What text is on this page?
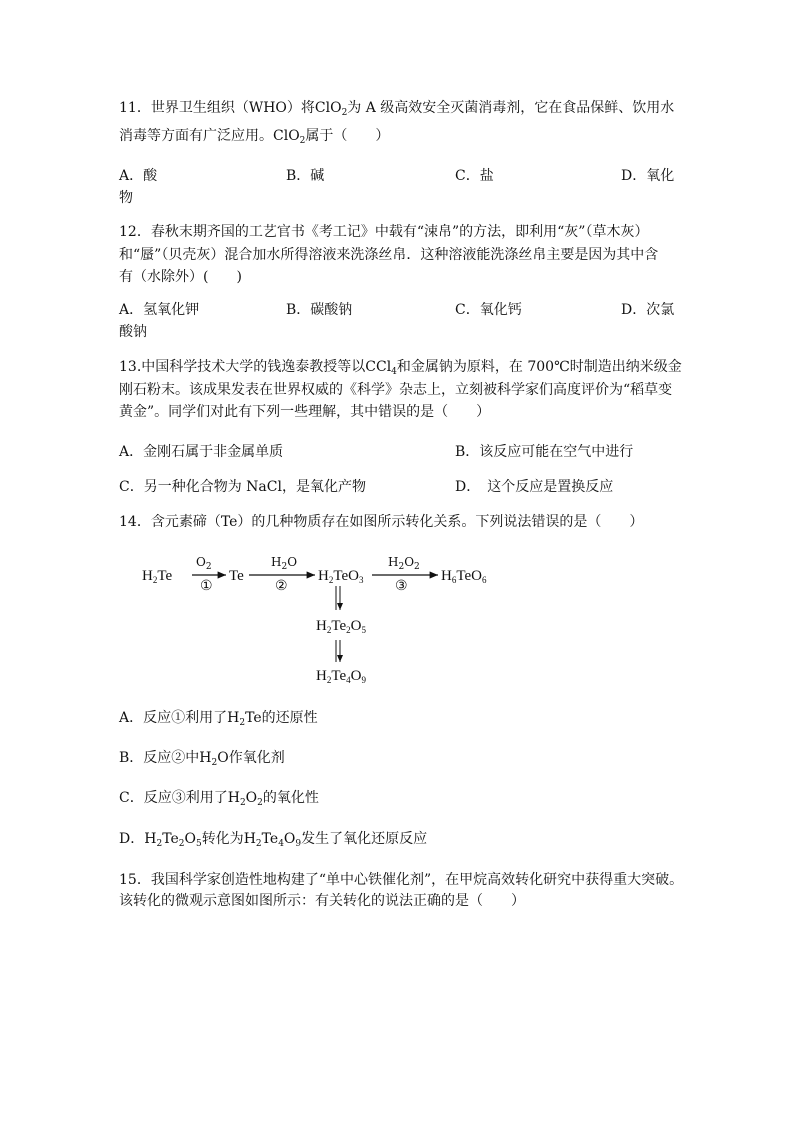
11．世界卫生组织（WHO）将ClO$_2$为 A 级高效安全灭菌消毒剂，它在食品保鲜、饮用水
消毒等方面有广泛应用。ClO$_2$属于（　　）
A．酸	B．碱	C．盐	D．氧化
物
12．春秋末期齐国的工艺官书《考工记》中载有“涑帛”的方法，即利用“灰”（草木灰）
和“蜃”（贝壳灰）混合加水所得溶液来洗涤丝帛．这种溶液能洗涤丝帛主要是因为其中含
有（水除外）(　　)
A．氢氧化钾	B．碳酸钠	C．氧化钙	D．次氯
酸钠
13.中国科学技术大学的钱逸泰教授等以CCl$_4$和金属钠为原料，在 700℃时制造出纳米级金
刚石粉末。该成果发表在世界权威的《科学》杂志上，立刻被科学家们高度评价为“稻草变
黄金”。同学们对此有下列一些理解，其中错误的是（　　）
A．金刚石属于非金属单质	B．该反应可能在空气中进行
C．另一种化合物为 NaCl，是氧化产物	D．　这个反应是置换反应
14．含元素碲（Te）的几种物质存在如图所示转化关系。下列说法错误的是（　　）
$H_2Te$	Te	$H_2TeO_3$	$H_6TeO_6$
$H_2Te_2O_5$
$H_2Te_4O_9$
$O_2$
①
$H_2O$
②
$H_2O_2$
③
A．反应①利用了$H_2Te$的还原性
B．反应②中$H_2O$作氧化剂
C．反应③利用了$H_2O_2$的氧化性
D．$H_2Te_2O_5$转化为$H_2Te_4O_9$发生了氧化还原反应
15．我国科学家创造性地构建了“单中心铁催化剂”，在甲烷高效转化研究中获得重大突破。
该转化的微观示意图如图所示：有关转化的说法正确的是（　　）
